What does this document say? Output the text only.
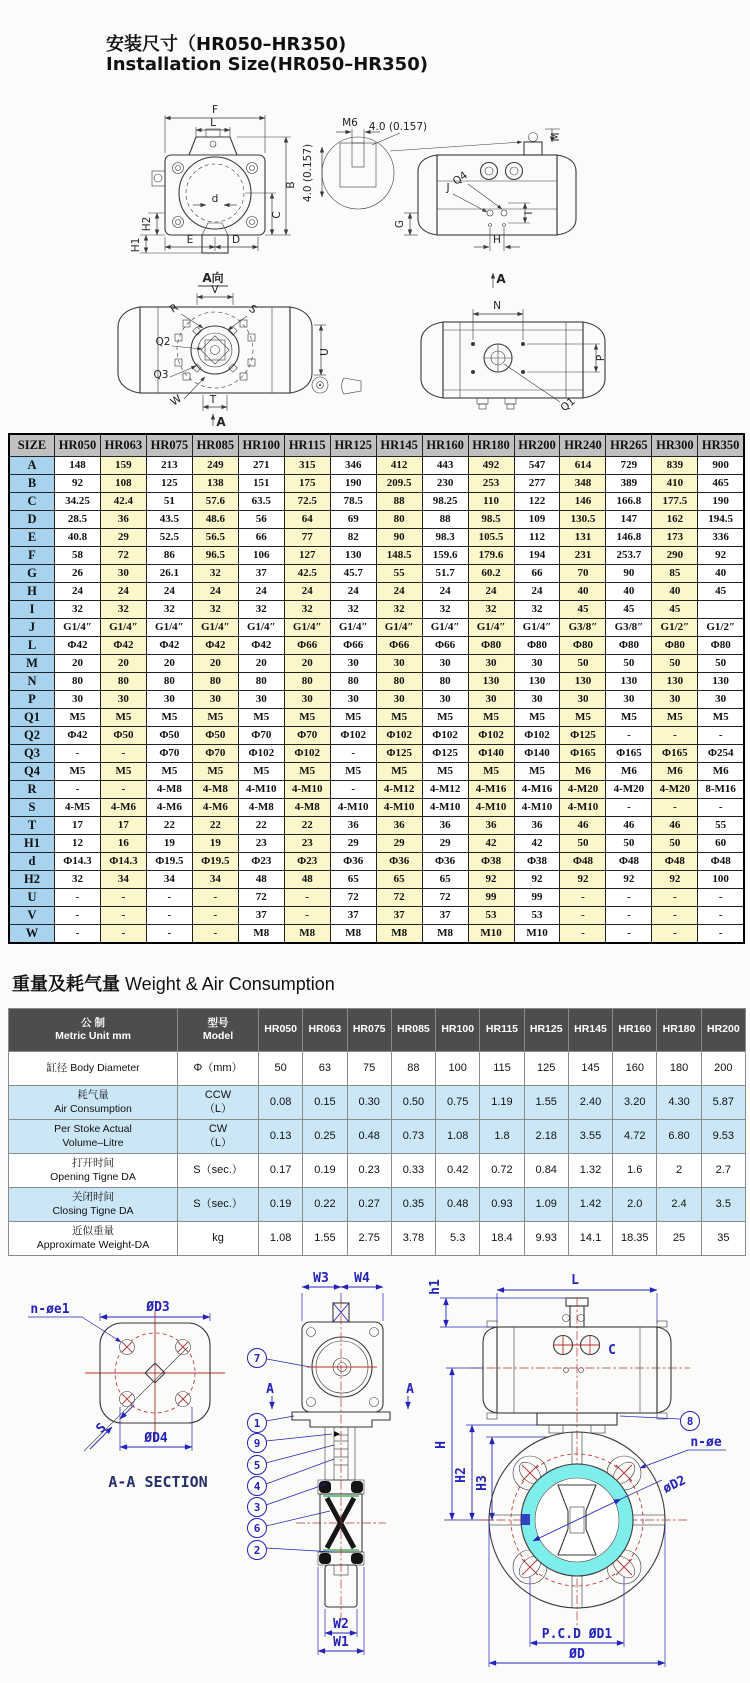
安装尺寸（HR050–HR350)
Installation Size(HR050–HR350)
F
L
B
C
d
H2
H1	E	D
M6 4.0 (0.157)
4.0 (0.157)
M
Q4
J
I
G
H
A向
V
R	S
Q2
Q3
W T
A
U
A
N
P
Q1
SIZE	HR050	HR063	HR075	HR085	HR100	HR115	HR125	HR145	HR160	HR180	HR200	HR240	HR265	HR300	HR350
A	148	159	213	249	271	315	346	412	443	492	547	614	729	839	900
B	92	108	125	138	151	175	190	209.5	230	253	277	348	389	410	465
C	34.25	42.4	51	57.6	63.5	72.5	78.5	88	98.25	110	122	146	166.8	177.5	190
D	28.5	36	43.5	48.6	56	64	69	80	88	98.5	109	130.5	147	162	194.5
E	40.8	29	52.5	56.5	66	77	82	90	98.3	105.5	112	131	146.8	173	336
F	58	72	86	96.5	106	127	130	148.5	159.6	179.6	194	231	253.7	290	92
G	26	30	26.1	32	37	42.5	45.7	55	51.7	60.2	66	70	90	85	40
H	24	24	24	24	24	24	24	24	24	24	24	40	40	40	45
I	32	32	32	32	32	32	32	32	32	32	32	45	45	45	
J	G1/4″	G1/4″	G1/4″	G1/4″	G1/4″	G1/4″	G1/4″	G1/4″	G1/4″	G1/4″	G1/4″	G3/8″	G3/8″	G1/2″	G1/2″
L	Φ42	Φ42	Φ42	Φ42	Φ42	Φ66	Φ66	Φ66	Φ66	Φ80	Φ80	Φ80	Φ80	Φ80	Φ80
M	20	20	20	20	20	20	30	30	30	30	30	50	50	50	50
N	80	80	80	80	80	80	80	80	80	130	130	130	130	130	130
P	30	30	30	30	30	30	30	30	30	30	30	30	30	30	30
Q1	M5	M5	M5	M5	M5	M5	M5	M5	M5	M5	M5	M5	M5	M5	M5
Q2	Φ42	Φ50	Φ50	Φ50	Φ70	Φ70	Φ102	Φ102	Φ102	Φ102	Φ102	Φ125	-	-	-
Q3	-	-	Φ70	Φ70	Φ102	Φ102	-	Φ125	Φ125	Φ140	Φ140	Φ165	Φ165	Φ165	Φ254
Q4	M5	M5	M5	M5	M5	M5	M5	M5	M5	M5	M5	M6	M6	M6	M6
R	-	-	4-M8	4-M8	4-M10	4-M10	-	4-M12	4-M12	4-M16	4-M16	4-M20	4-M20	4-M20	8-M16
S	4-M5	4-M6	4-M6	4-M6	4-M8	4-M8	4-M10	4-M10	4-M10	4-M10	4-M10	4-M10	-	-	-
T	17	17	22	22	22	22	36	36	36	36	36	46	46	46	55
H1	12	16	19	19	23	23	29	29	29	42	42	50	50	50	60
d	Φ14.3	Φ14.3	Φ19.5	Φ19.5	Φ23	Φ23	Φ36	Φ36	Φ36	Φ38	Φ38	Φ48	Φ48	Φ48	Φ48
H2	32	34	34	34	48	48	65	65	65	92	92	92	92	92	100
U	-	-	-	-	72	-	72	72	72	99	99	-	-	-	-
V	-	-	-	-	37	-	37	37	37	53	53	-	-	-	-
W	-	-	-	-	M8	M8	M8	M8	M8	M10	M10	-	-	-	-
重量及耗气量 Weight & Air Consumption
公 制
Metric Unit mm

型号
Model

HR050	HR063	HR075	HR085	HR100	HR115	HR125	HR145	HR160	HR180	HR200

缸径 Body Diameter	Φ（mm）	50	63	75	88	100	115	125	145	160	180	200

耗气量
Air Consumption

CCW
（L）
	0.08	0.15	0.30	0.50	0.75	1.19	1.55	2.40	3.20	4.30	5.87

Per Stoke Actual
Volume–Litre

CW
（L）
	0.13	0.25	0.48	0.73	1.08	1.8	2.18	3.55	4.72	6.80	9.53

打开时间
Opening Tigne DA	S（sec.）	0.17	0.19	0.23	0.33	0.42	0.72	0.84	1.32	1.6	2	2.7

关闭时间
Closing Tigne DA	S（sec.）	0.19	0.22	0.27	0.35	0.48	0.93	1.09	1.42	2.0	2.4	3.5

近似重量
Approximate Weight-DA	kg	1.08	1.55	2.75	3.78	5.3	18.4	9.93	14.1	18.35	25	35
ØD3
n-øe1
ØD4
S
A-A SECTION
W3 W4
7
A	A
1
9
5
4
3
6
2
W2
W1
L
h1
C
8
H
H2
H3
n-øe
øD2
P.C.D ØD1
ØD
